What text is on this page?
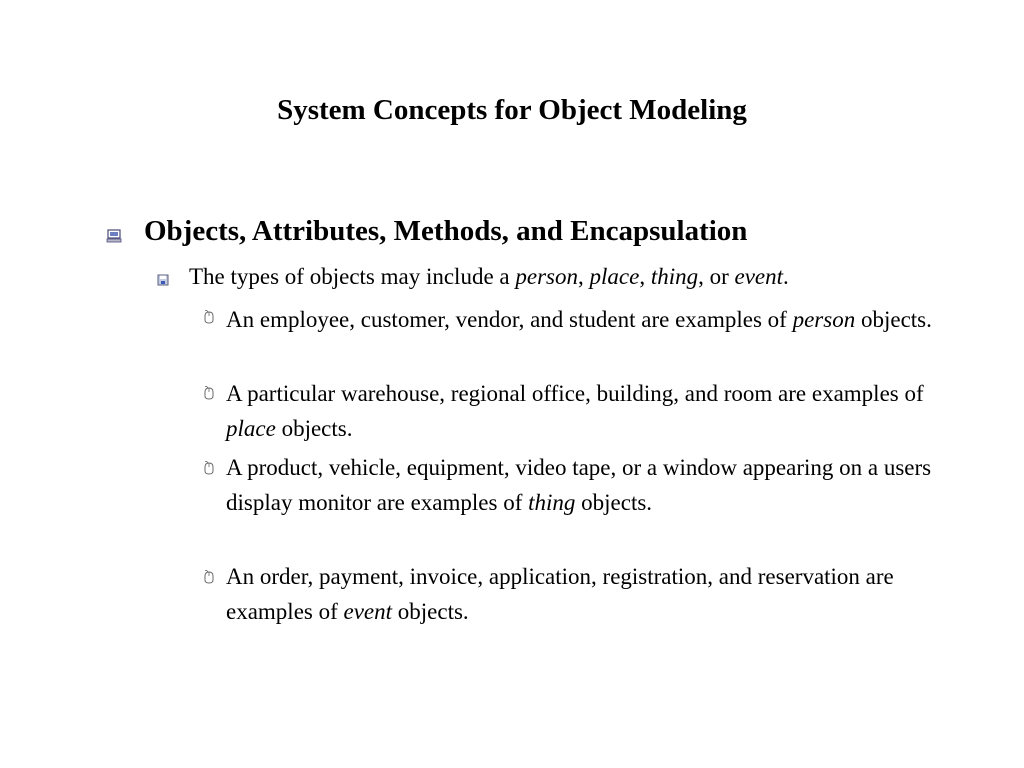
System Concepts for Object Modeling
Objects, Attributes, Methods, and Encapsulation
The types of objects may include a person, place, thing, or event.
An employee, customer, vendor, and student are examples of person objects.
A particular warehouse, regional office, building, and room are examples of place objects.
A product, vehicle, equipment, video tape, or a window appearing on a users display monitor are examples of thing objects.
An order, payment, invoice, application, registration, and reservation are examples of event objects.
